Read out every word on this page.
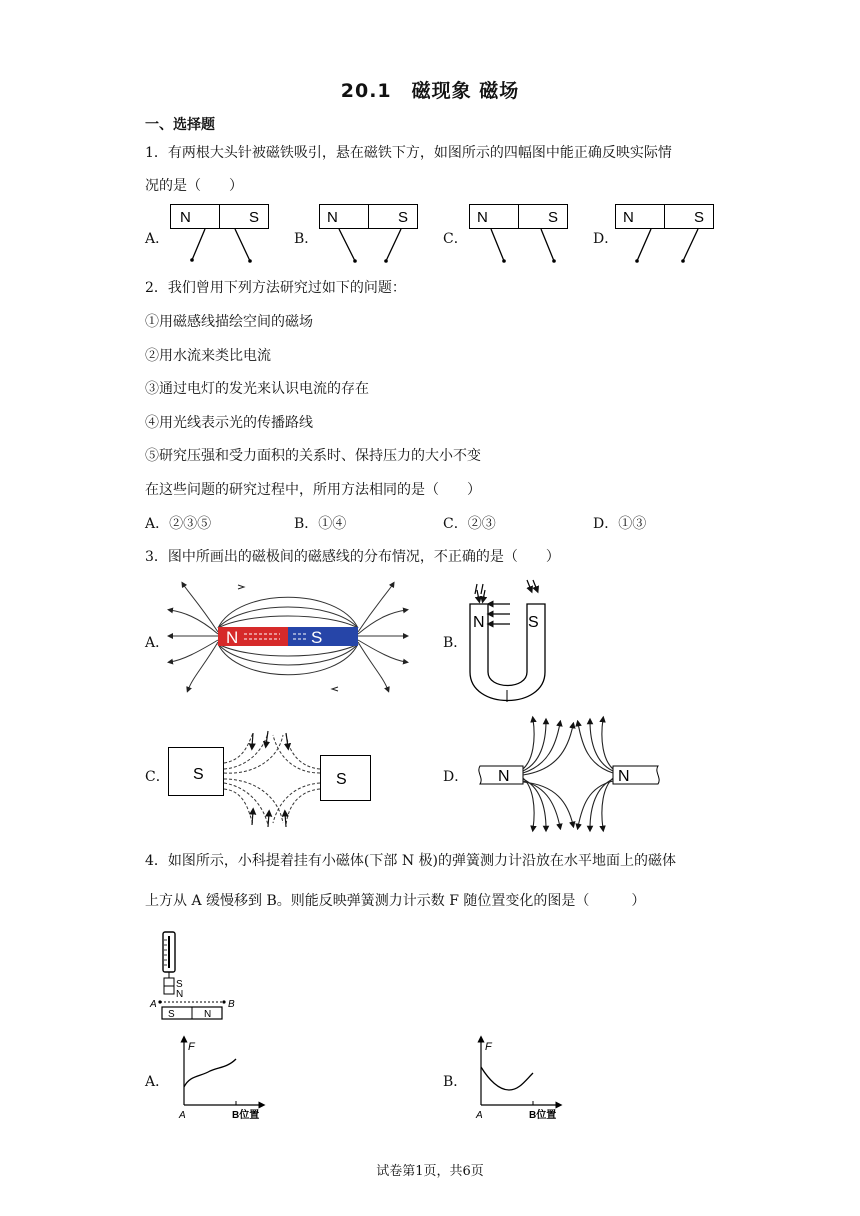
20.1　磁现象 磁场
一、选择题
1．有两根大头针被磁铁吸引，悬在磁铁下方，如图所示的四幅图中能正确反映实际情
况的是（　　）
A．	B．	C．	D．
N	S	N	S	N	S	N	S
2．我们曾用下列方法研究过如下的问题：
①用磁感线描绘空间的磁场
②用水流来类比电流
③通过电灯的发光来认识电流的存在
④用光线表示光的传播路线
⑤研究压强和受力面积的关系时、保持压力的大小不变
在这些问题的研究过程中，所用方法相同的是（　　）
A．②③⑤	B．①④	C．②③	D．①③
3．图中所画出的磁极间的磁感线的分布情况，不正确的是（　　）
A．	B．
C．	D．
N	S
N	S
S	S	N	N
4．如图所示，小科提着挂有小磁体(下部 N 极)的弹簧测力计沿放在水平地面上的磁体
上方从 A 缓慢移到 B。则能反映弹簧测力计示数 F 随位置变化的图是（　　　）
S
N
A	B
S	N
A．	B．
F
A	B位置
F
A	B位置
试卷第1页，共6页
